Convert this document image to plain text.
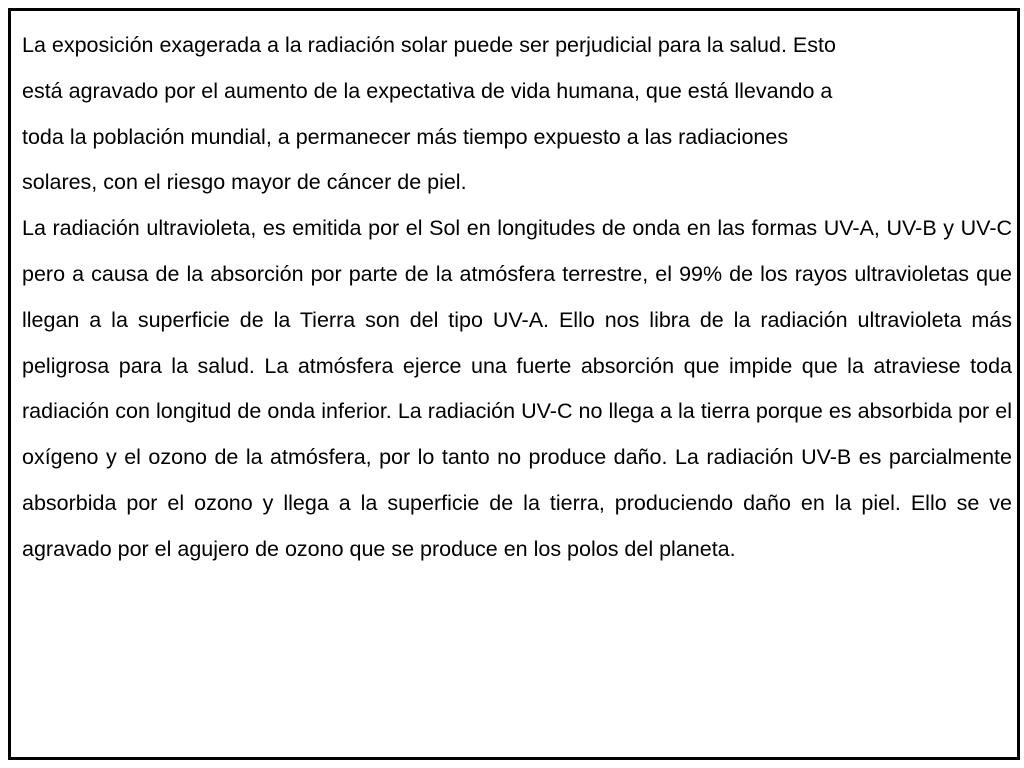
La exposición exagerada a la radiación solar puede ser perjudicial para la salud. Esto
está agravado por el aumento de la expectativa de vida humana, que está llevando a
toda la población mundial, a permanecer más tiempo expuesto a las radiaciones
solares, con el riesgo mayor de cáncer de piel.

La radiación ultravioleta, es emitida por el Sol en longitudes de onda en las formas UV-A, UV-B y UV-C pero a causa de la absorción por parte de la atmósfera terrestre, el 99% de los rayos ultravioletas que llegan a la superficie de la Tierra son del tipo UV-A. Ello nos libra de la radiación ultravioleta más peligrosa para la salud. La atmósfera ejerce una fuerte absorción que impide que la atraviese toda radiación con longitud de onda inferior. La radiación UV-C no llega a la tierra porque es absorbida por el oxígeno y el ozono de la atmósfera, por lo tanto no produce daño. La radiación UV-B es parcialmente absorbida por el ozono y llega a la superficie de la tierra, produciendo daño en la piel. Ello se ve agravado por el agujero de ozono que se produce en los polos del planeta.
